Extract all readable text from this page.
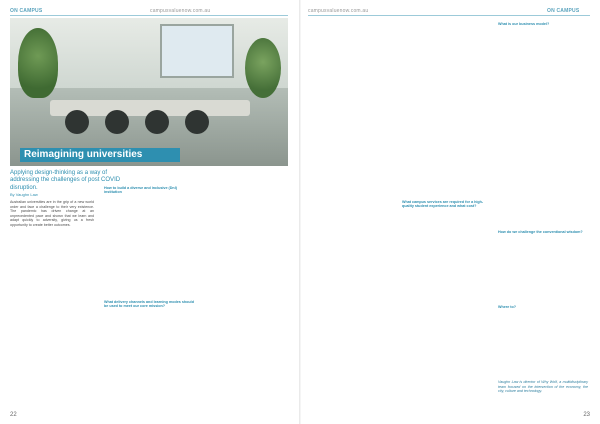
ON CAMPUS	campusvaluenow.com.au
Reimagining universities
Applying design-thinking as a way of addressing the challenges of post COVID disruption.
By Vaughn Law

Australian universities are in the grip of a new world order and face a challenge to their very existence. The pandemic has driven change at an unprecedented pace and shown that we learn and adapt quickly to adversity, giving us a fresh opportunity to create better outcomes.

How to build a diverse and inclusive (DnI) institution
What delivery channels and learning modes should be used to meet our core mission?
22
campusvaluenow.com.au	ON CAMPUS
What is our business model?
What campus services are required for a high-quality student experience and what cost?
How do we challenge the conventional wisdom?
Where to?
Vaughn Law is director of Why Wolf, a multidisciplinary team focused on the intersection of the economy, the city, culture and technology.
23
